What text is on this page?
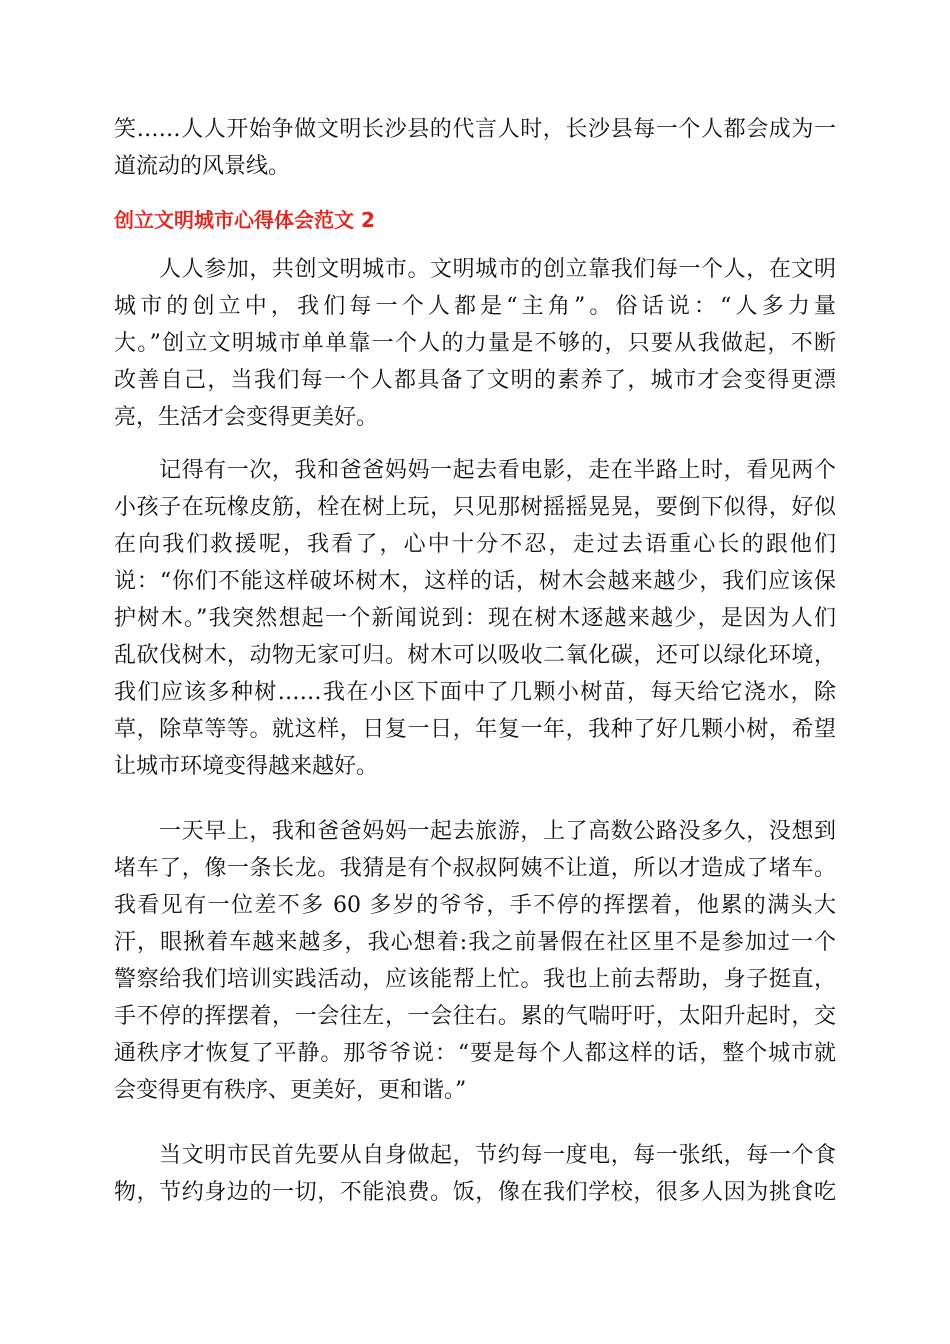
笑……人人开始争做文明长沙县的代言人时，长沙县每一个人都会成为一
道流动的风景线。
创立文明城市心得体会范文 2
人人参加，共创文明城市。文明城市的创立靠我们每一个人，在文明
城市的创立中，我们每一个人都是“主角”。俗话说：“人多力量
大。”创立文明城市单单靠一个人的力量是不够的，只要从我做起，不断
改善自己，当我们每一个人都具备了文明的素养了，城市才会变得更漂
亮，生活才会变得更美好。
记得有一次，我和爸爸妈妈一起去看电影，走在半路上时，看见两个
小孩子在玩橡皮筋，栓在树上玩，只见那树摇摇晃晃，要倒下似得，好似
在向我们救援呢，我看了，心中十分不忍，走过去语重心长的跟他们
说：“你们不能这样破坏树木，这样的话，树木会越来越少，我们应该保
护树木。”我突然想起一个新闻说到：现在树木逐越来越少，是因为人们
乱砍伐树木，动物无家可归。树木可以吸收二氧化碳，还可以绿化环境，
我们应该多种树……我在小区下面中了几颗小树苗，每天给它浇水，除
草，除草等等。就这样，日复一日，年复一年，我种了好几颗小树，希望
让城市环境变得越来越好。
一天早上，我和爸爸妈妈一起去旅游，上了高数公路没多久，没想到
堵车了，像一条长龙。我猜是有个叔叔阿姨不让道，所以才造成了堵车。
我看见有一位差不多 60 多岁的爷爷，手不停的挥摆着，他累的满头大
汗，眼揪着车越来越多，我心想着:我之前暑假在社区里不是参加过一个
警察给我们培训实践活动，应该能帮上忙。我也上前去帮助，身子挺直，
手不停的挥摆着，一会往左，一会往右。累的气喘吁吁，太阳升起时，交
通秩序才恢复了平静。那爷爷说：“要是每个人都这样的话，整个城市就
会变得更有秩序、更美好，更和谐。”
当文明市民首先要从自身做起，节约每一度电，每一张纸，每一个食
物，节约身边的一切，不能浪费。饭，像在我们学校，很多人因为挑食吃
